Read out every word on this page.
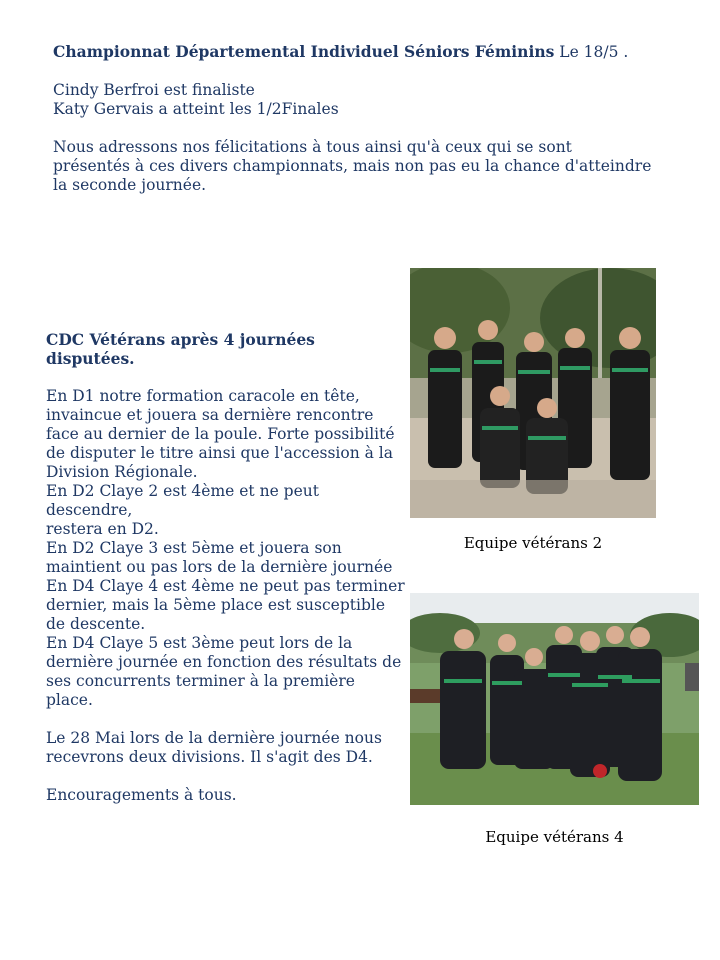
Championnat Départemental Individuel Séniors Féminins Le 18/5 .

Cindy Berfroi est finaliste

Katy Gervais a atteint les 1/2Finales

Nous adressons nos félicitations à tous ainsi qu'à ceux qui se sont

présentés à ces divers championnats, mais non pas eu la chance d'atteindre

la seconde journée.

CDC Vétérans après 4 journées disputées.

En D1 notre formation caracole en tête,

invaincue et jouera sa dernière rencontre

face au dernier de la poule. Forte possibilité

de disputer le titre ainsi que l'accession à la

Division Régionale.

En D2 Claye 2 est 4ème et ne peut descendre,

restera en D2.

En D2 Claye 3 est 5ème et jouera son

maintient ou pas lors de la dernière journée

En D4 Claye 4 est 4ème ne peut pas terminer

dernier, mais la 5ème place est susceptible

de descente.

En D4 Claye 5 est 3ème peut lors de la

dernière journée en fonction des résultats de

ses concurrents terminer à la première

place.

Le 28 Mai lors de la dernière journée nous

recevrons deux divisions. Il s'agit des D4.

Encouragements à tous.

Equipe vétérans 2
Equipe vétérans 4
